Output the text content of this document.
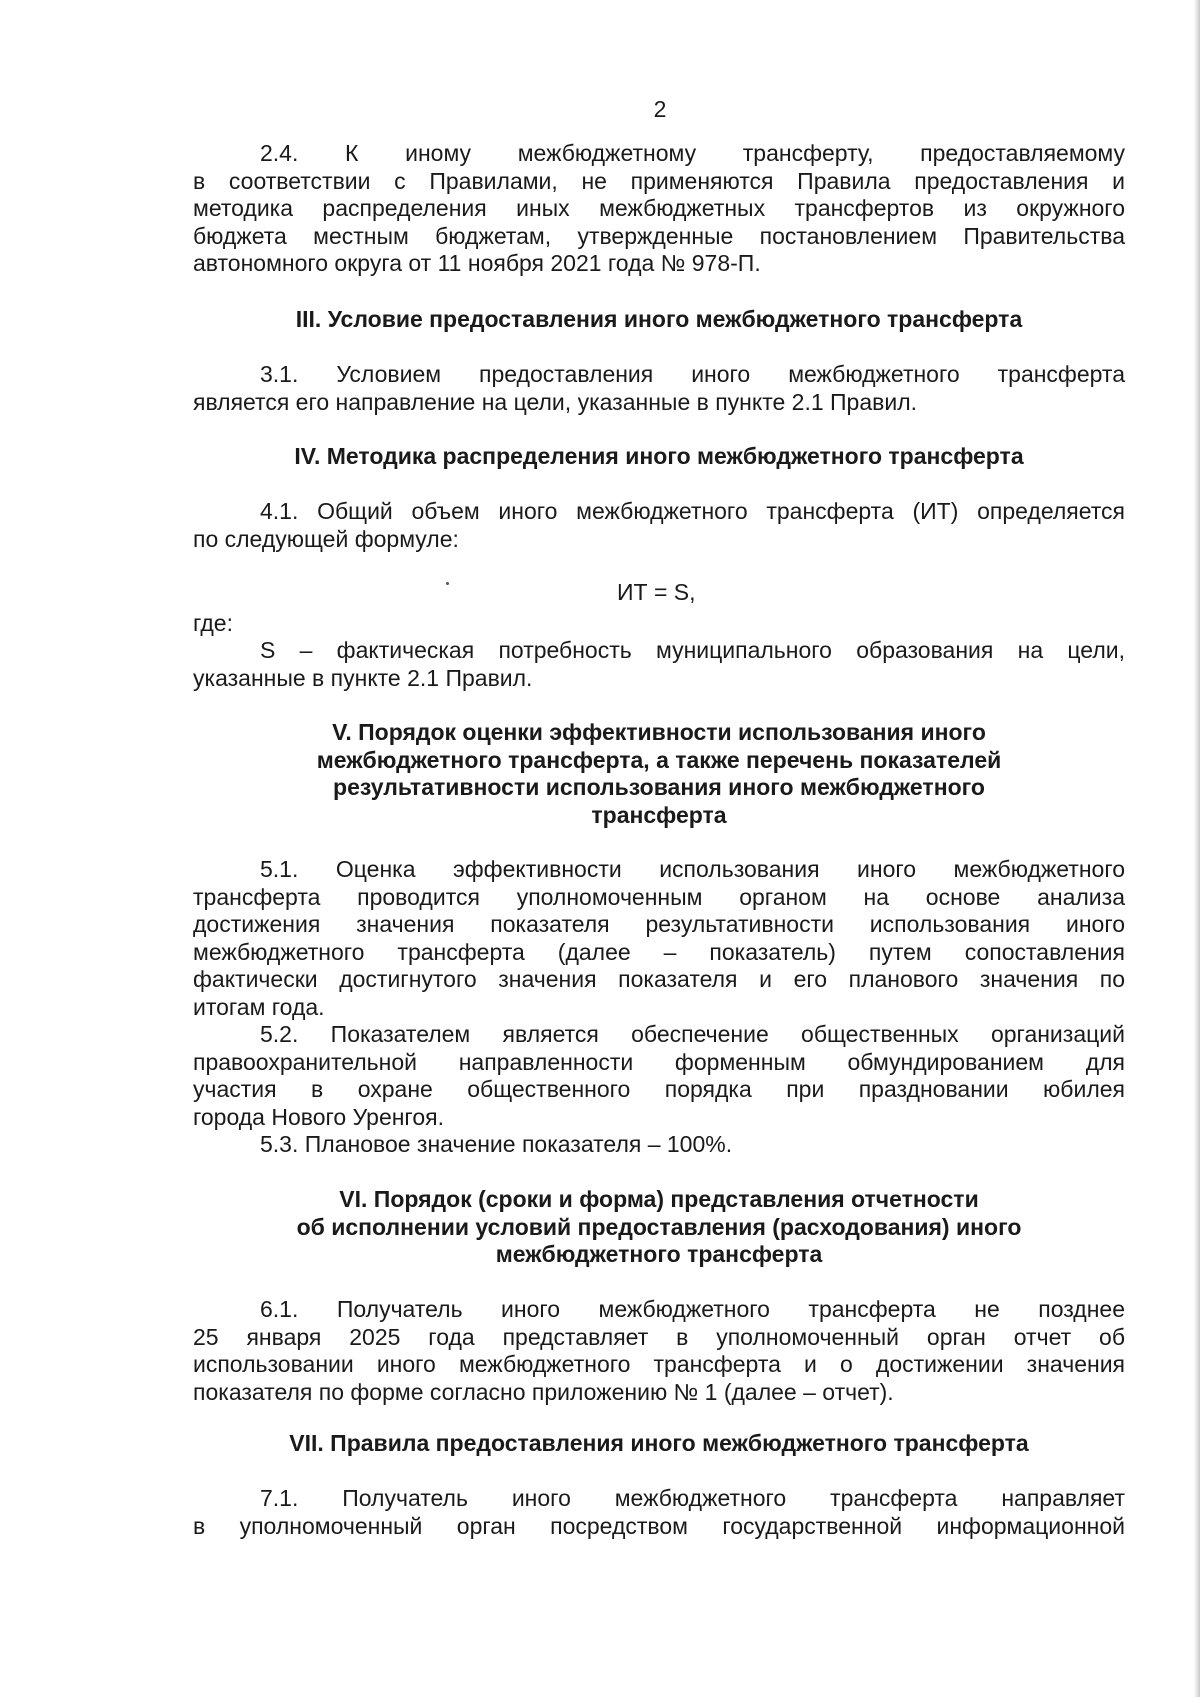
2
2.4. К иному межбюджетному трансферту, предоставляемому
в соответствии с Правилами, не применяются Правила предоставления и
методика распределения иных межбюджетных трансфертов из окружного
бюджета местным бюджетам, утвержденные постановлением Правительства
автономного округа от 11 ноября 2021 года № 978-П.
III. Условие предоставления иного межбюджетного трансферта
3.1. Условием предоставления иного межбюджетного трансферта
является его направление на цели, указанные в пункте 2.1 Правил.
IV. Методика распределения иного межбюджетного трансферта
4.1. Общий объем иного межбюджетного трансферта (ИТ) определяется
по следующей формуле:
ИТ = S,
где:
S – фактическая потребность муниципального образования на цели,
указанные в пункте 2.1 Правил.
V. Порядок оценки эффективности использования иного
межбюджетного трансферта, а также перечень показателей
результативности использования иного межбюджетного
трансферта
5.1. Оценка эффективности использования иного межбюджетного
трансферта проводится уполномоченным органом на основе анализа
достижения значения показателя результативности использования иного
межбюджетного трансферта (далее – показатель) путем сопоставления
фактически достигнутого значения показателя и его планового значения по
итогам года.
5.2. Показателем является обеспечение общественных организаций
правоохранительной направленности форменным обмундированием для
участия в охране общественного порядка при праздновании юбилея
города Нового Уренгоя.
5.3. Плановое значение показателя – 100%.
VI. Порядок (сроки и форма) представления отчетности
об исполнении условий предоставления (расходования) иного
межбюджетного трансферта
6.1. Получатель иного межбюджетного трансферта не позднее
25 января 2025 года представляет в уполномоченный орган отчет об
использовании иного межбюджетного трансферта и о достижении значения
показателя по форме согласно приложению № 1 (далее – отчет).
VII. Правила предоставления иного межбюджетного трансферта
7.1. Получатель иного межбюджетного трансферта направляет
в уполномоченный орган посредством государственной информационной
